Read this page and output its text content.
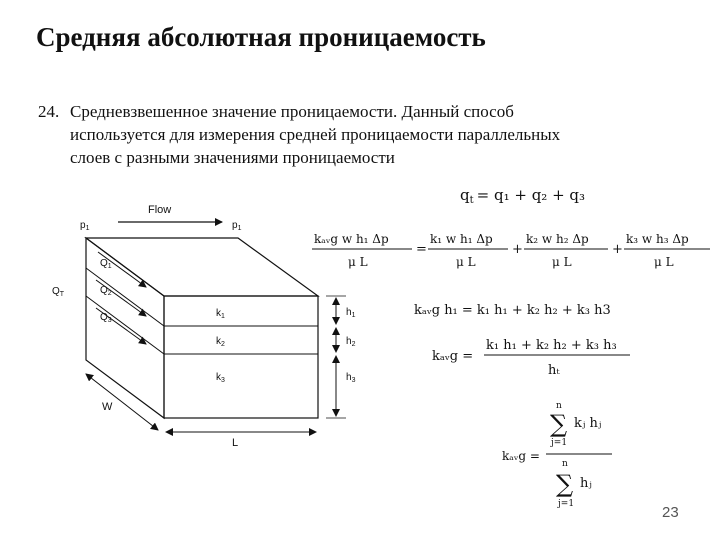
Средняя абсолютная проницаемость
24. Средневзвешенное значение проницаемости. Данный способ
используется для измерения средней проницаемости параллельных
слоев с разными значениями проницаемости
Flow
$p_1$	$p_1$
$Q_1$
$Q_2$
$Q_3$
$Q_T$
$k_1$
$k_2$
$k_3$
$h_1$
$h_2$
$h_3$
W
L
$q_t = q_1 + q_2 + q_3$
kₐᵥg w h₁ Δp
μ L
=
k₁ w h₁ Δp
μ L
+
k₂ w h₂ Δp
μ L
+
k₃ w h₃ Δp
μ L
kₐᵥg h₁ = k₁ h₁ + k₂ h₂ + k₃ h3
kₐᵥg =
k₁ h₁ + k₂ h₂ + k₃ h₃
hₜ
kₐᵥg =
n
∑ kⱼ hⱼ
j=1
n
∑ hⱼ
j=1	23
